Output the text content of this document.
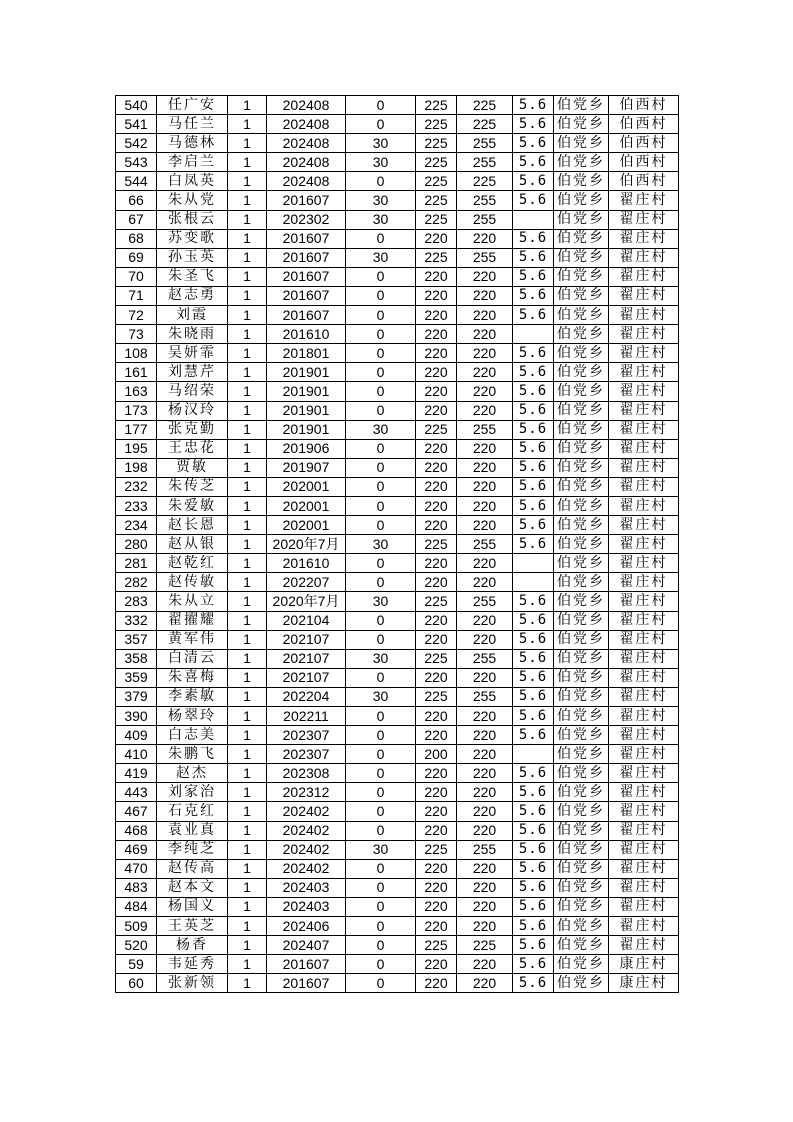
540	任广安	1	202408	0	225	225	5.6	伯党乡	伯西村
541	马任兰	1	202408	0	225	225	5.6	伯党乡	伯西村
542	马德林	1	202408	30	225	255	5.6	伯党乡	伯西村
543	李启兰	1	202408	30	225	255	5.6	伯党乡	伯西村
544	白凤英	1	202408	0	225	225	5.6	伯党乡	伯西村
66	朱从党	1	201607	30	225	255	5.6	伯党乡	翟庄村
67	张根云	1	202302	30	225	255		伯党乡	翟庄村
68	苏变歌	1	201607	0	220	220	5.6	伯党乡	翟庄村
69	孙玉英	1	201607	30	225	255	5.6	伯党乡	翟庄村
70	朱圣飞	1	201607	0	220	220	5.6	伯党乡	翟庄村
71	赵志勇	1	201607	0	220	220	5.6	伯党乡	翟庄村
72	刘霞	1	201607	0	220	220	5.6	伯党乡	翟庄村
73	朱晓雨	1	201610	0	220	220		伯党乡	翟庄村
108	吴妍霏	1	201801	0	220	220	5.6	伯党乡	翟庄村
161	刘慧芹	1	201901	0	220	220	5.6	伯党乡	翟庄村
163	马绍荣	1	201901	0	220	220	5.6	伯党乡	翟庄村
173	杨汉玲	1	201901	0	220	220	5.6	伯党乡	翟庄村
177	张克勤	1	201901	30	225	255	5.6	伯党乡	翟庄村
195	王忠花	1	201906	0	220	220	5.6	伯党乡	翟庄村
198	贾敏	1	201907	0	220	220	5.6	伯党乡	翟庄村
232	朱传芝	1	202001	0	220	220	5.6	伯党乡	翟庄村
233	朱爱敏	1	202001	0	220	220	5.6	伯党乡	翟庄村
234	赵长恩	1	202001	0	220	220	5.6	伯党乡	翟庄村
280	赵从银	1	2020年7月	30	225	255	5.6	伯党乡	翟庄村
281	赵乾红	1	201610	0	220	220		伯党乡	翟庄村
282	赵传敏	1	202207	0	220	220		伯党乡	翟庄村
283	朱从立	1	2020年7月	30	225	255	5.6	伯党乡	翟庄村
332	翟擢耀	1	202104	0	220	220	5.6	伯党乡	翟庄村
357	黄军伟	1	202107	0	220	220	5.6	伯党乡	翟庄村
358	白清云	1	202107	30	225	255	5.6	伯党乡	翟庄村
359	朱喜梅	1	202107	0	220	220	5.6	伯党乡	翟庄村
379	李素敏	1	202204	30	225	255	5.6	伯党乡	翟庄村
390	杨翠玲	1	202211	0	220	220	5.6	伯党乡	翟庄村
409	白志美	1	202307	0	220	220	5.6	伯党乡	翟庄村
410	朱鹏飞	1	202307	0	200	220		伯党乡	翟庄村
419	赵杰	1	202308	0	220	220	5.6	伯党乡	翟庄村
443	刘家治	1	202312	0	220	220	5.6	伯党乡	翟庄村
467	石克红	1	202402	0	220	220	5.6	伯党乡	翟庄村
468	袁业真	1	202402	0	220	220	5.6	伯党乡	翟庄村
469	李纯芝	1	202402	30	225	255	5.6	伯党乡	翟庄村
470	赵传高	1	202402	0	220	220	5.6	伯党乡	翟庄村
483	赵本文	1	202403	0	220	220	5.6	伯党乡	翟庄村
484	杨国义	1	202403	0	220	220	5.6	伯党乡	翟庄村
509	王英芝	1	202406	0	220	220	5.6	伯党乡	翟庄村
520	杨香	1	202407	0	225	225	5.6	伯党乡	翟庄村
59	韦延秀	1	201607	0	220	220	5.6	伯党乡	康庄村
60	张新领	1	201607	0	220	220	5.6	伯党乡	康庄村
